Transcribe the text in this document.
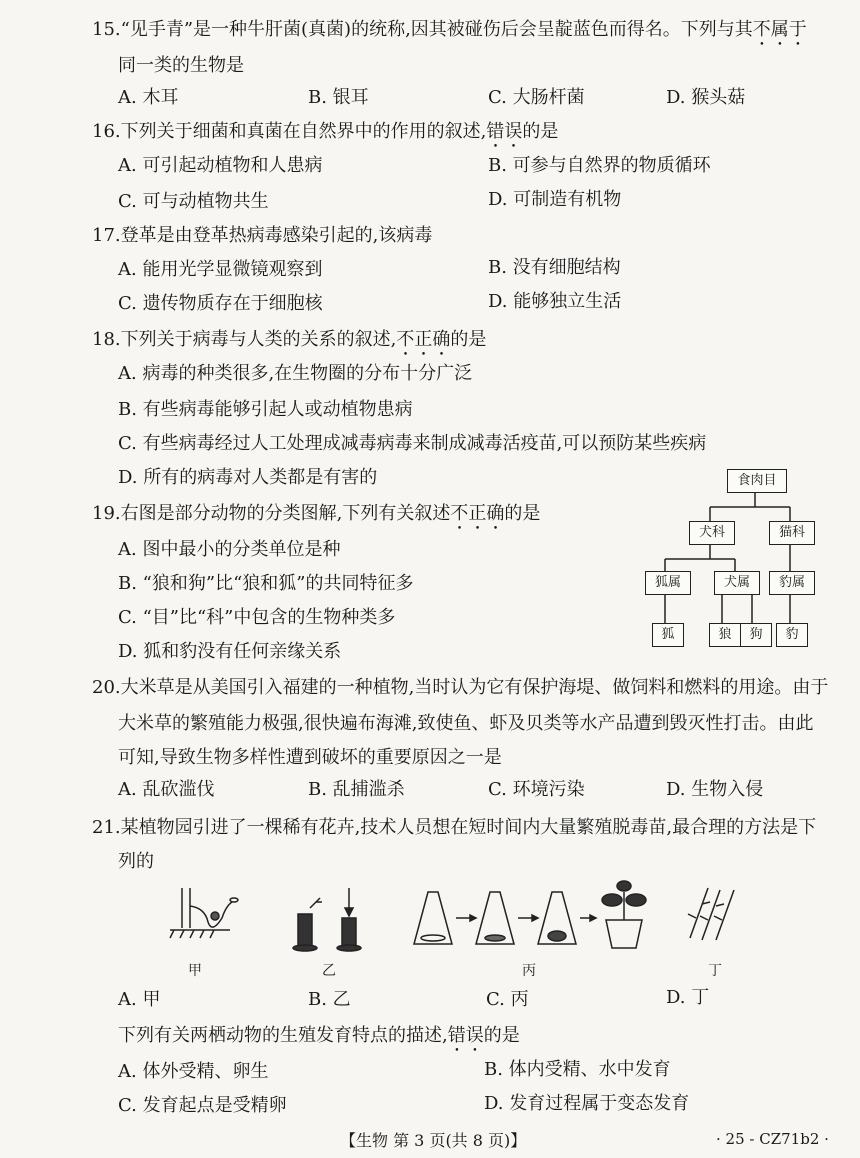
15.“见手青”是一种牛肝菌(真菌)的统称,因其被碰伤后会呈靛蓝色而得名。下列与其不属于
同一类的生物是
A. 木耳	B. 银耳	C. 大肠杆菌	D. 猴头菇
16.下列关于细菌和真菌在自然界中的作用的叙述,错误的是
A. 可引起动植物和人患病	B. 可参与自然界的物质循环
C. 可与动植物共生	D. 可制造有机物
17.登革是由登革热病毒感染引起的,该病毒
A. 能用光学显微镜观察到	B. 没有细胞结构
C. 遗传物质存在于细胞核	D. 能够独立生活
18.下列关于病毒与人类的关系的叙述,不正确的是
A. 病毒的种类很多,在生物圈的分布十分广泛
B. 有些病毒能够引起人或动植物患病
C. 有些病毒经过人工处理成减毒病毒来制成减毒活疫苗,可以预防某些疾病
D. 所有的病毒对人类都是有害的
19.右图是部分动物的分类图解,下列有关叙述不正确的是
A. 图中最小的分类单位是种
B. “狼和狗”比“狼和狐”的共同特征多
C. “目”比“科”中包含的生物种类多
D. 狐和豹没有任何亲缘关系
食肉目
犬科	猫科
狐属	犬属	豹属
狐	狼	狗	豹
20.大米草是从美国引入福建的一种植物,当时认为它有保护海堤、做饲料和燃料的用途。由于
大米草的繁殖能力极强,很快遍布海滩,致使鱼、虾及贝类等水产品遭到毁灭性打击。由此
可知,导致生物多样性遭到破坏的重要原因之一是
A. 乱砍滥伐	B. 乱捕滥杀	C. 环境污染	D. 生物入侵
21.某植物园引进了一棵稀有花卉,技术人员想在短时间内大量繁殖脱毒苗,最合理的方法是下
列的
甲	乙	丙	丁
A. 甲	B. 乙	C. 丙	D. 丁
下列有关两栖动物的生殖发育特点的描述,错误的是
A. 体外受精、卵生	B. 体内受精、水中发育
C. 发育起点是受精卵	D. 发育过程属于变态发育
【生物 第 3 页(共 8 页)】	· 25 - CZ71b2 ·
